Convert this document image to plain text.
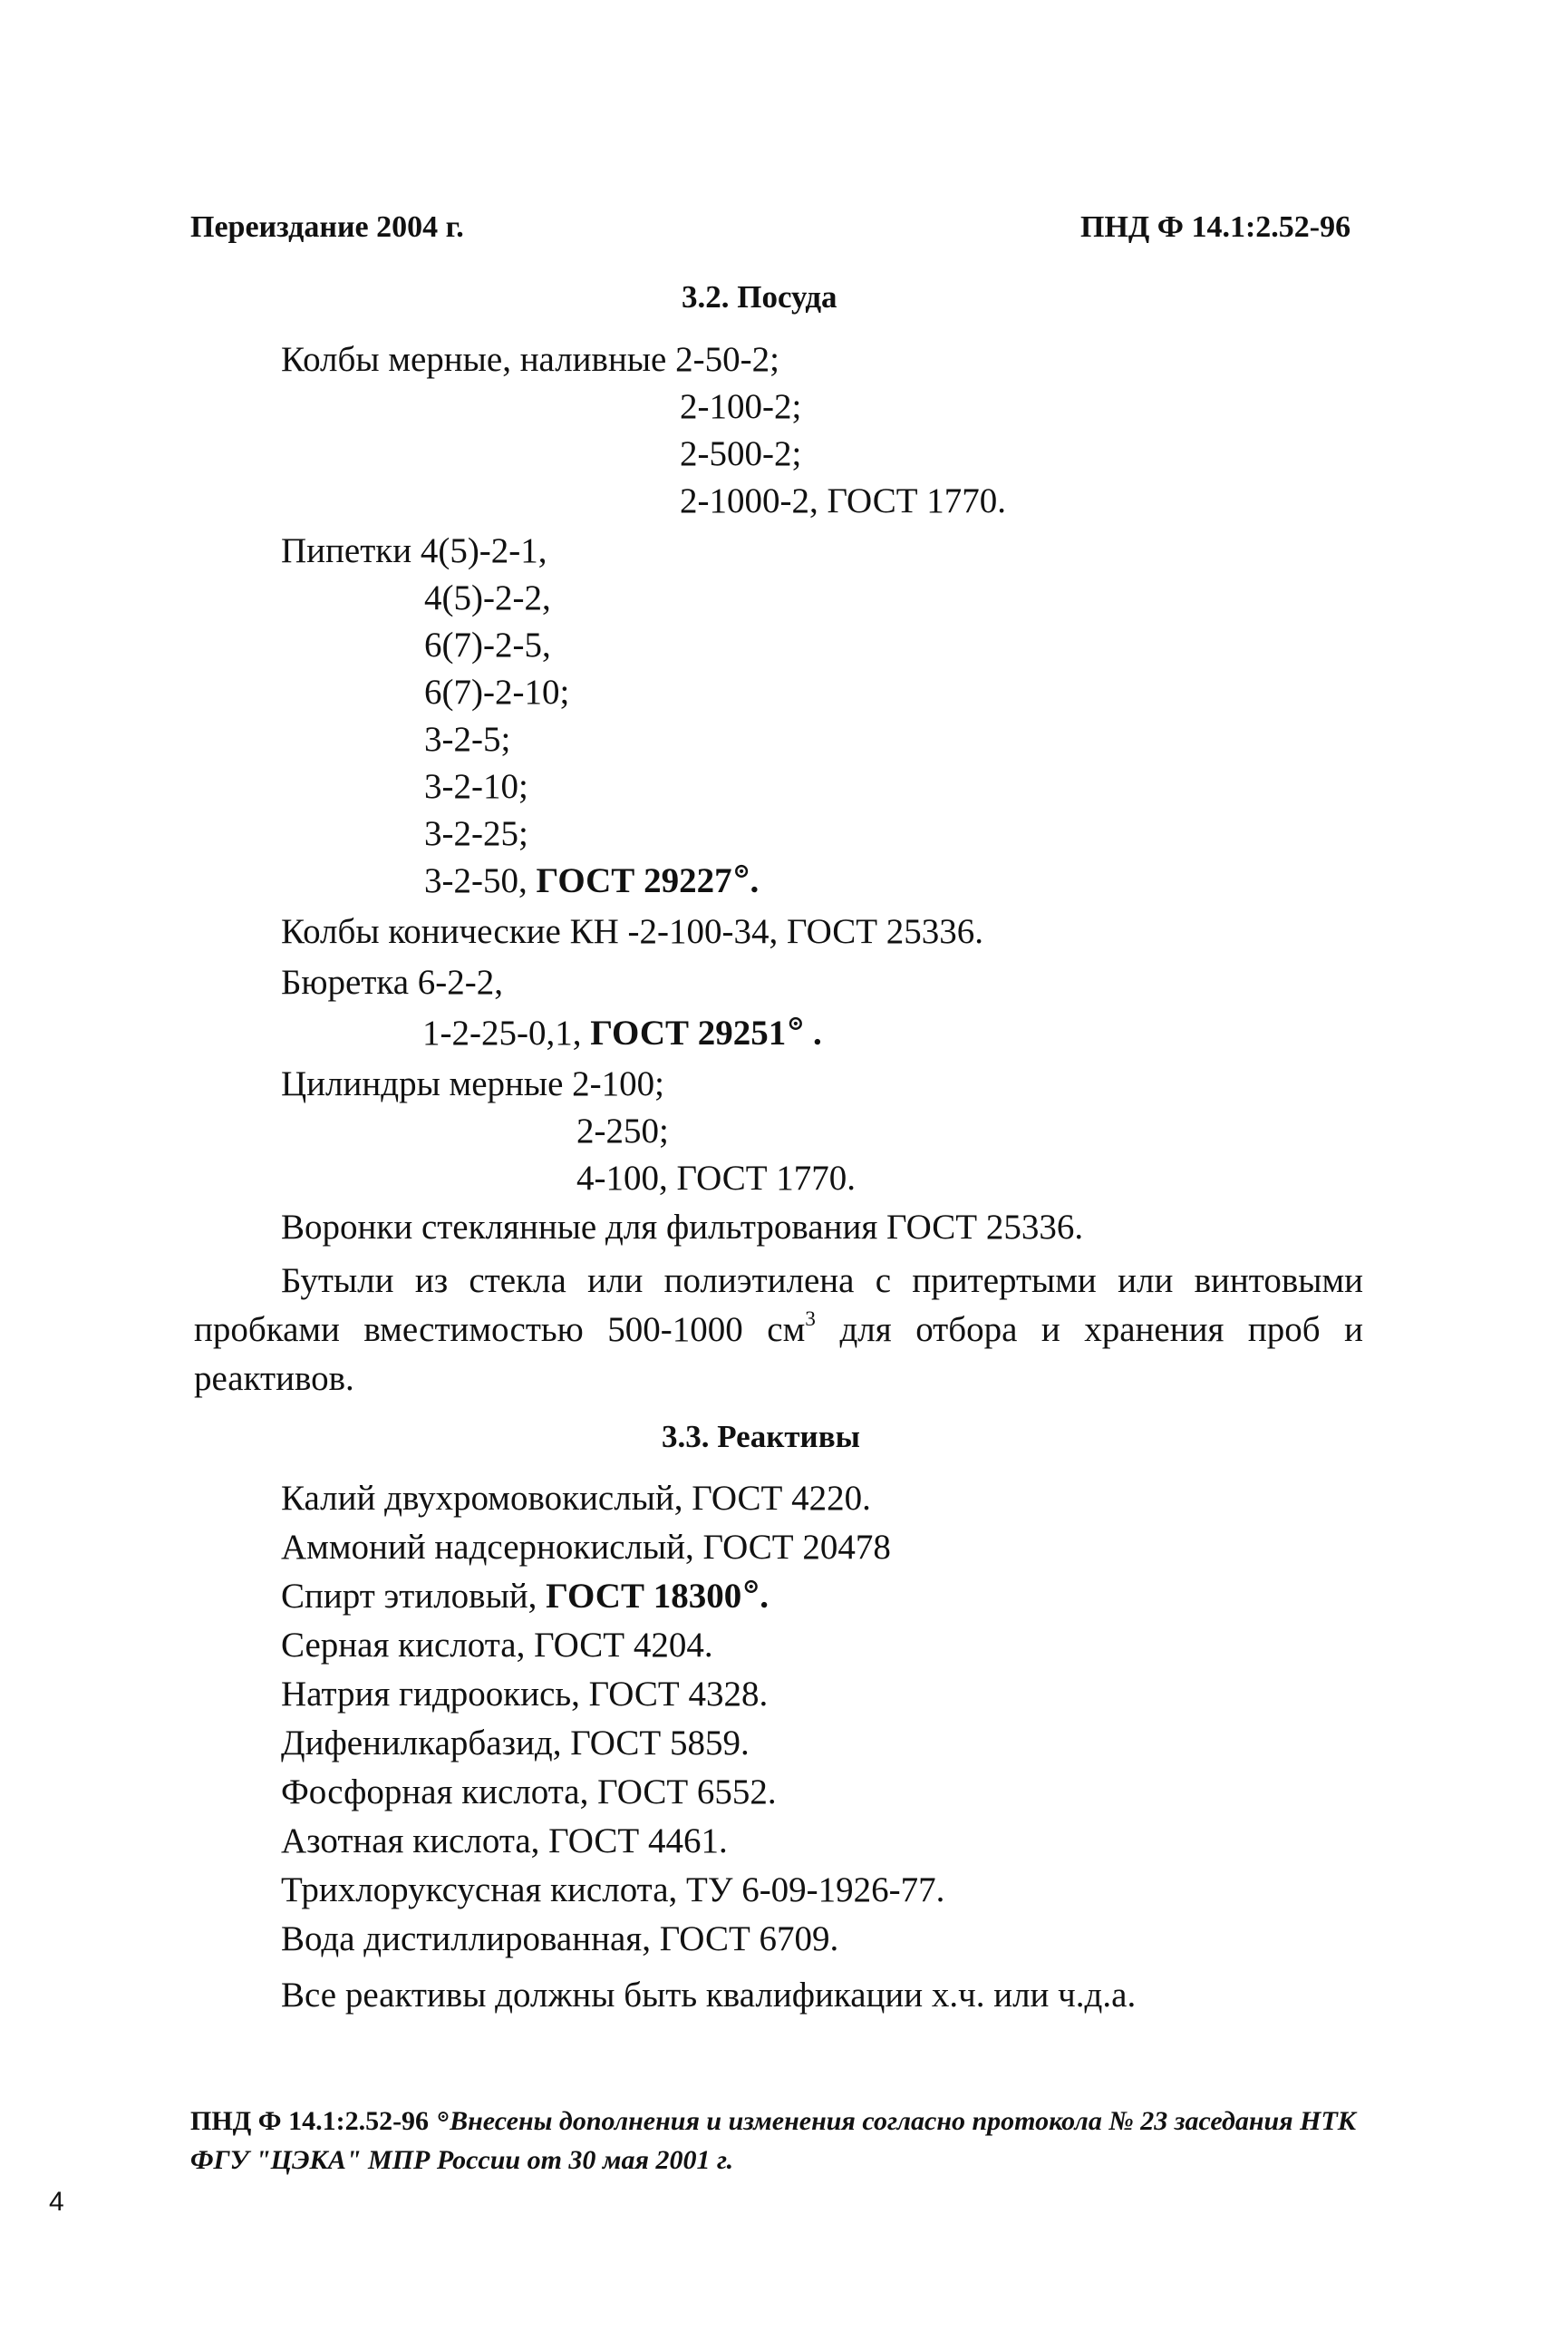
Переиздание 2004 г.	ПНД Ф 14.1:2.52-96
3.2. Посуда
Колбы мерные, наливные 2-50-2;
2-100-2;
2-500-2;
2-1000-2, ГОСТ 1770.
Пипетки 4(5)-2-1,
4(5)-2-2,
6(7)-2-5,
6(7)-2-10;
3-2-5;
3-2-10;
3-2-25;
3-2-50, ГОСТ 29227⊙.
Колбы конические КН -2-100-34, ГОСТ 25336.
Бюретка 6-2-2,
1-2-25-0,1, ГОСТ 29251⊙ .
Цилиндры мерные 2-100;
2-250;
4-100, ГОСТ 1770.
Воронки стеклянные для фильтрования ГОСТ 25336.
Бутыли из стекла или полиэтилена с притертыми или винтовыми пробками вместимостью 500-1000 $см^3$ для отбора и хранения проб и реактивов.
3.3. Реактивы
Калий двухромовокислый, ГОСТ 4220.
Аммоний надсернокислый, ГОСТ 20478
Спирт этиловый, ГОСТ 18300⊙.
Серная кислота, ГОСТ 4204.
Натрия гидроокись, ГОСТ 4328.
Дифенилкарбазид, ГОСТ 5859.
Фосфорная кислота, ГОСТ 6552.
Азотная кислота, ГОСТ 4461.
Трихлоруксусная кислота, ТУ 6-09-1926-77.
Вода дистиллированная, ГОСТ 6709.
Все реактивы должны быть квалификации х.ч. или ч.д.а.
ПНД Ф 14.1:2.52-96 ⊙Внесены дополнения и изменения согласно протокола № 23 заседания НТК ФГУ "ЦЭКА" МПР России от 30 мая 2001 г.
4
